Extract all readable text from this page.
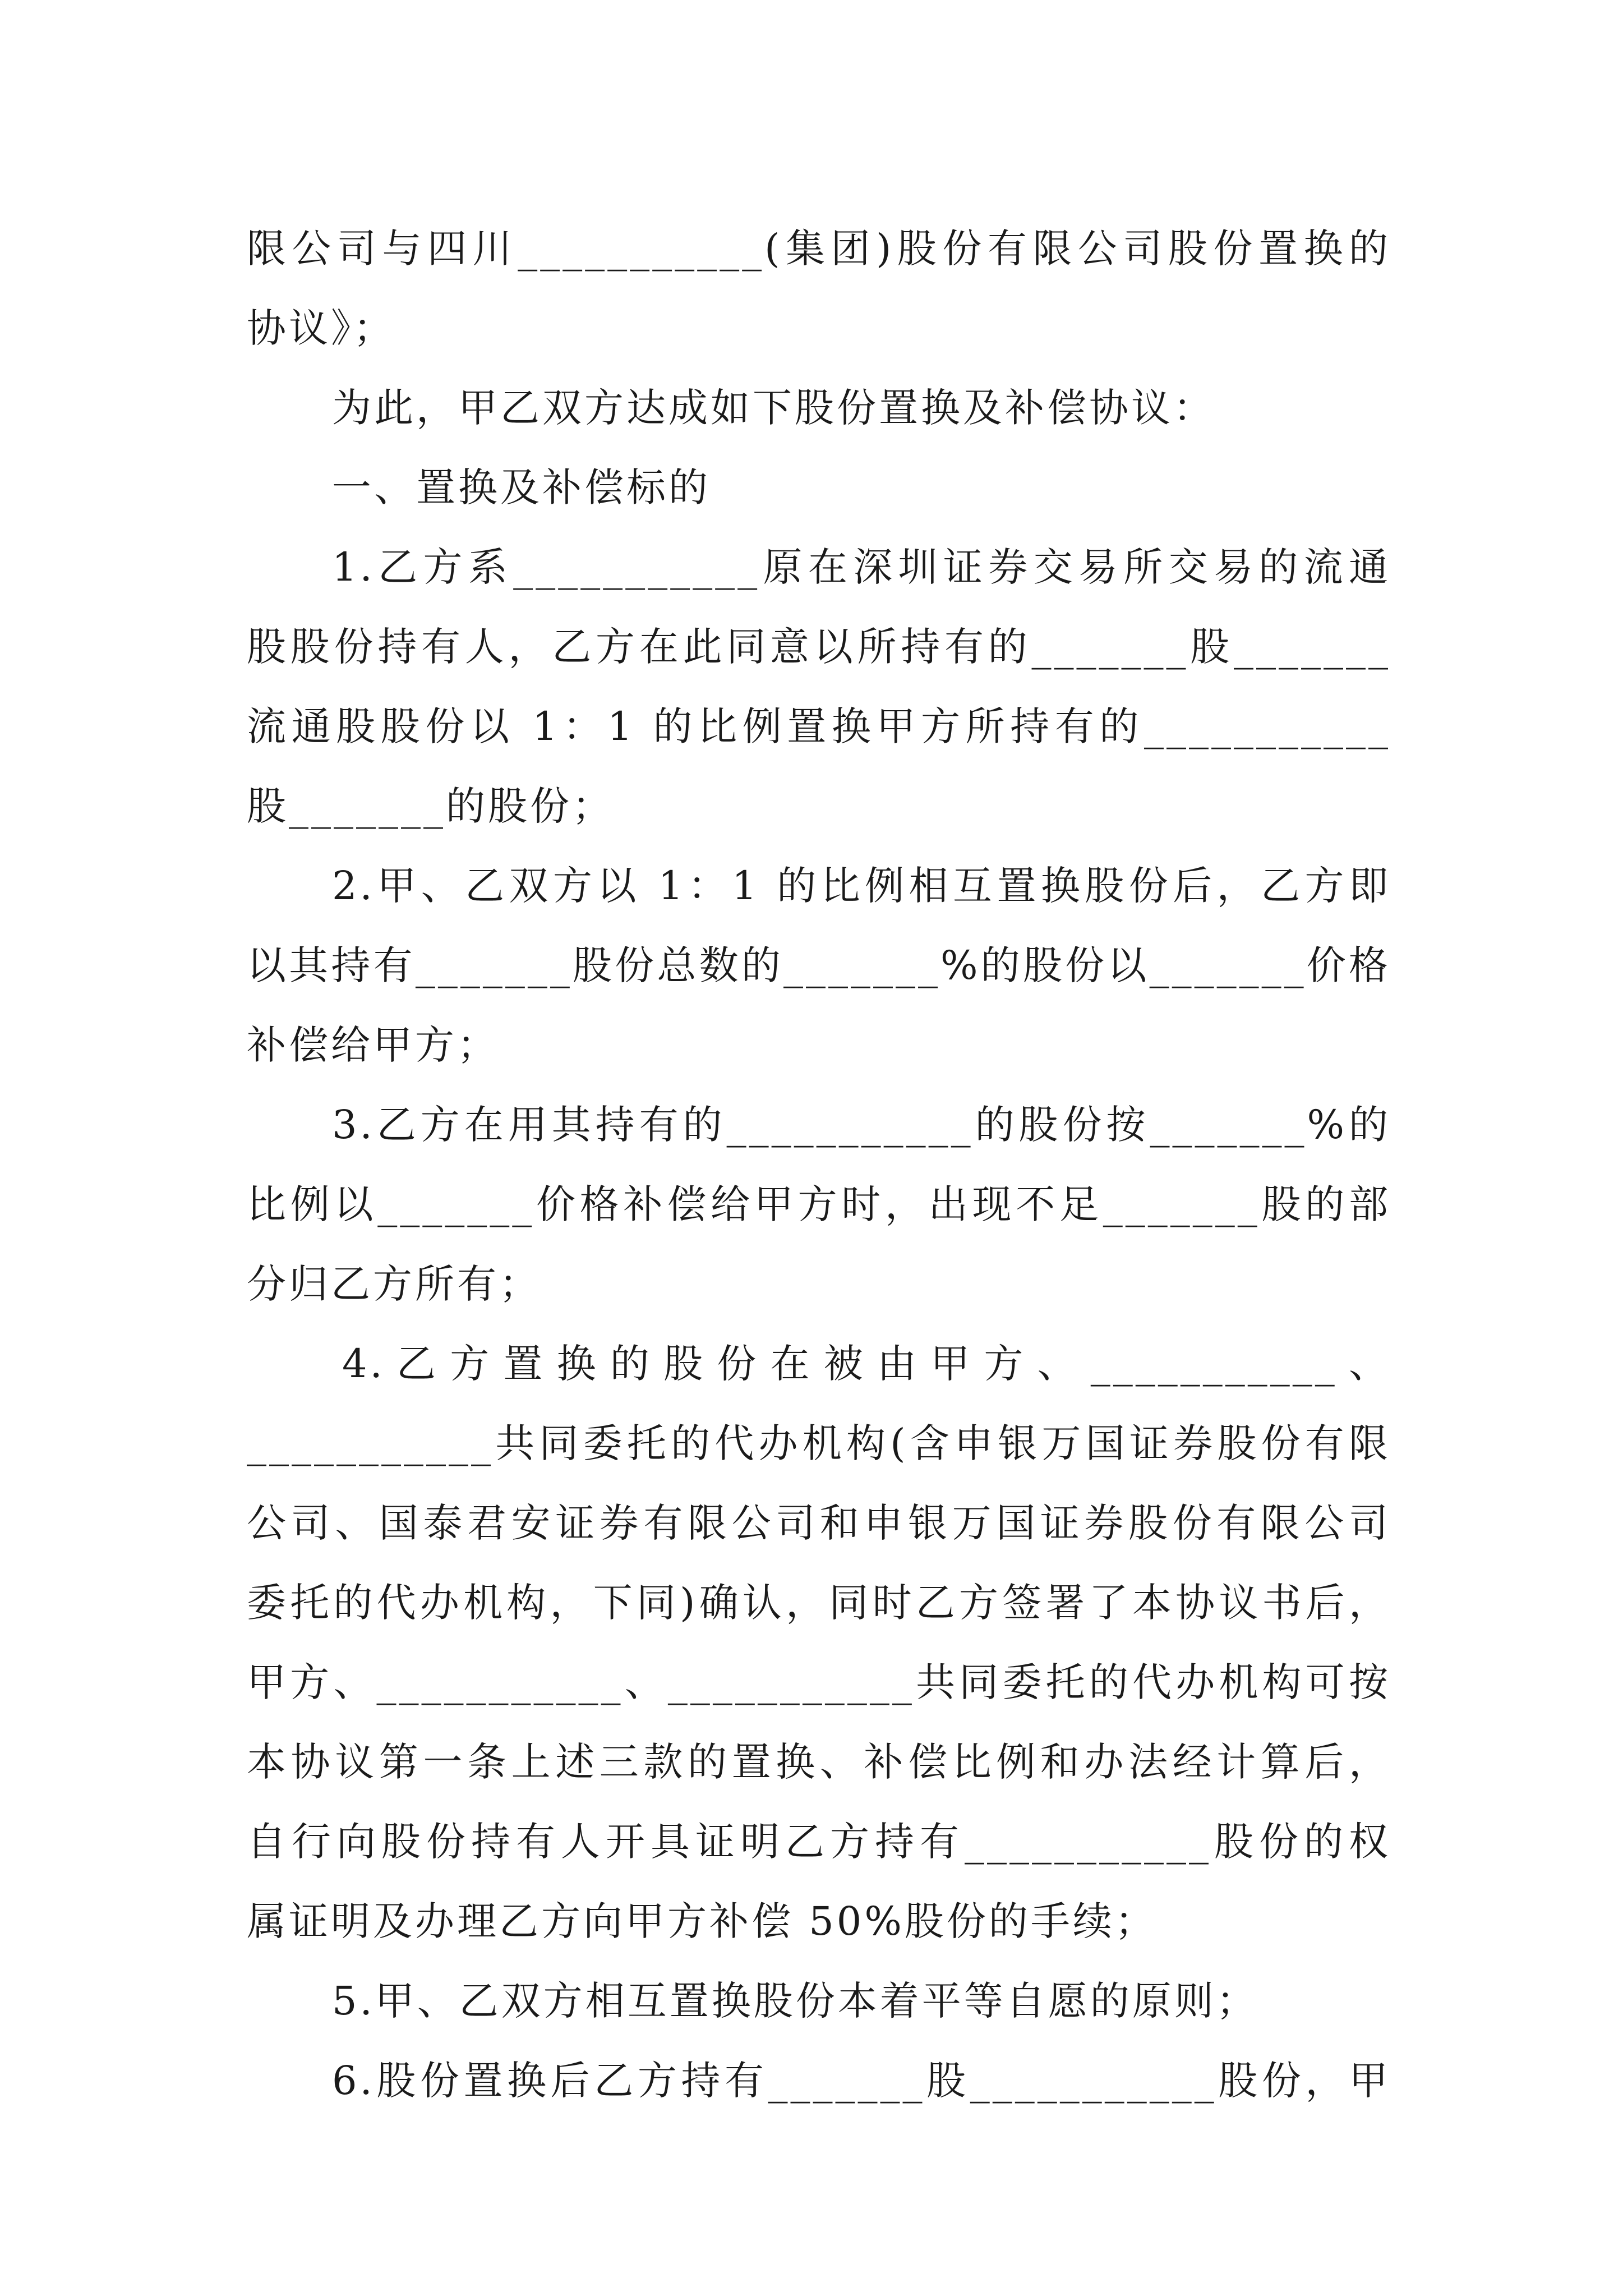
限公司与四川___________(集团)股份有限公司股份置换的
协议》；
为此，甲乙双方达成如下股份置换及补偿协议：
一、置换及补偿标的
1.乙方系___________原在深圳证券交易所交易的流通
股股份持有人，乙方在此同意以所持有的_______股_______
流通股股份以 1：1 的比例置换甲方所持有的___________
股_______的股份；
2.甲、乙双方以 1：1 的比例相互置换股份后，乙方即
以其持有_______股份总数的_______%的股份以_______价格
补偿给甲方；
3.乙方在用其持有的___________的股份按_______%的
比例以_______价格补偿给甲方时，出现不足_______股的部
分归乙方所有；
4.乙方置换的股份在被由甲方、___________、
___________共同委托的代办机构(含申银万国证券股份有限
公司、国泰君安证券有限公司和申银万国证券股份有限公司
委托的代办机构，下同)确认，同时乙方签署了本协议书后，
甲方、___________、___________共同委托的代办机构可按
本协议第一条上述三款的置换、补偿比例和办法经计算后，
自行向股份持有人开具证明乙方持有___________股份的权
属证明及办理乙方向甲方补偿 50%股份的手续；
5.甲、乙双方相互置换股份本着平等自愿的原则；
6.股份置换后乙方持有_______股___________股份，甲
